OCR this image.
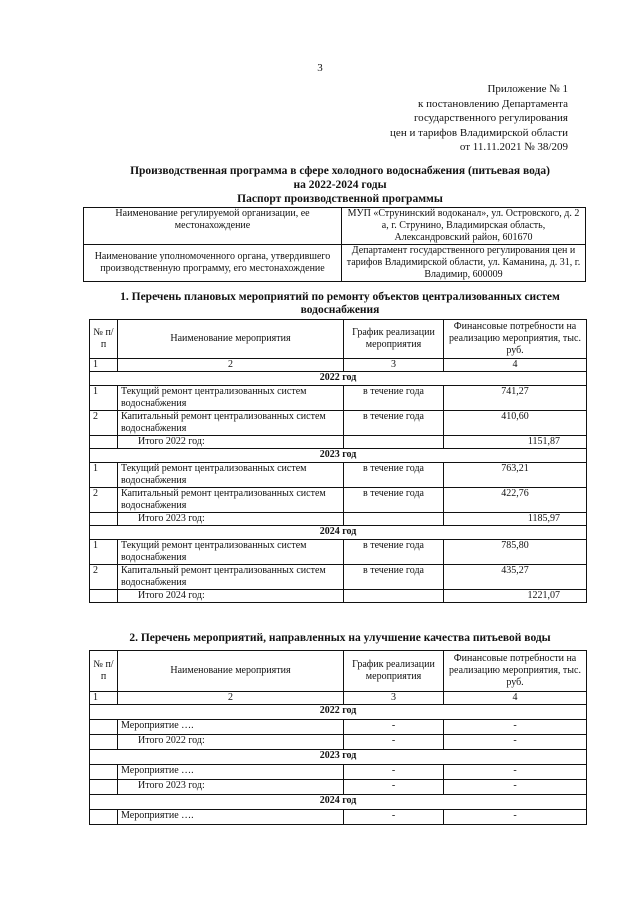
3
Приложение № 1
к постановлению Департамента
государственного регулирования
цен и тарифов Владимирской области
от 11.11.2021 № 38/209
Производственная программа в сфере холодного водоснабжения (питьевая вода)
на 2022-2024 годы
Паспорт производственной программы
Наименование регулируемой организации, ее местонахождение	МУП «Струнинский водоканал», ул. Островского, д. 2 а, г. Струнино, Владимирская область, Александровский район, 601670
Наименование уполномоченного органа, утвердившего производственную программу, его местонахождение	Департамент государственного регулирования цен и тарифов Владимирской области, ул. Каманина, д. 31, г. Владимир, 600009
1. Перечень плановых мероприятий по ремонту объектов централизованных систем водоснабжения
№ п/п	Наименование мероприятия	График реализации мероприятия	Финансовые потребности на реализацию мероприятия, тыс. руб.
1	2	3	4
2022 год			
1	Текущий ремонт централизованных систем водоснабжения	в течение года	741,27
2	Капитальный ремонт централизованных систем водоснабжения	в течение года	410,60
	Итого 2022 год:		1151,87
2023 год			
1	Текущий ремонт централизованных систем водоснабжения	в течение года	763,21
2	Капитальный ремонт централизованных систем водоснабжения	в течение года	422,76
	Итого 2023 год:		1185,97
2024 год			
1	Текущий ремонт централизованных систем водоснабжения	в течение года	785,80
2	Капитальный ремонт централизованных систем водоснабжения	в течение года	435,27
	Итого 2024 год:		1221,07
2. Перечень мероприятий, направленных на улучшение качества питьевой воды
№ п/п	Наименование мероприятия	График реализации мероприятия	Финансовые потребности на реализацию мероприятия, тыс. руб.
1	2	3	4
2022 год			
	Мероприятие ….	-	-
	Итого 2022 год:	-	-
2023 год			
	Мероприятие ….	-	-
	Итого 2023 год:	-	-
2024 год			
	Мероприятие ….	-	-
